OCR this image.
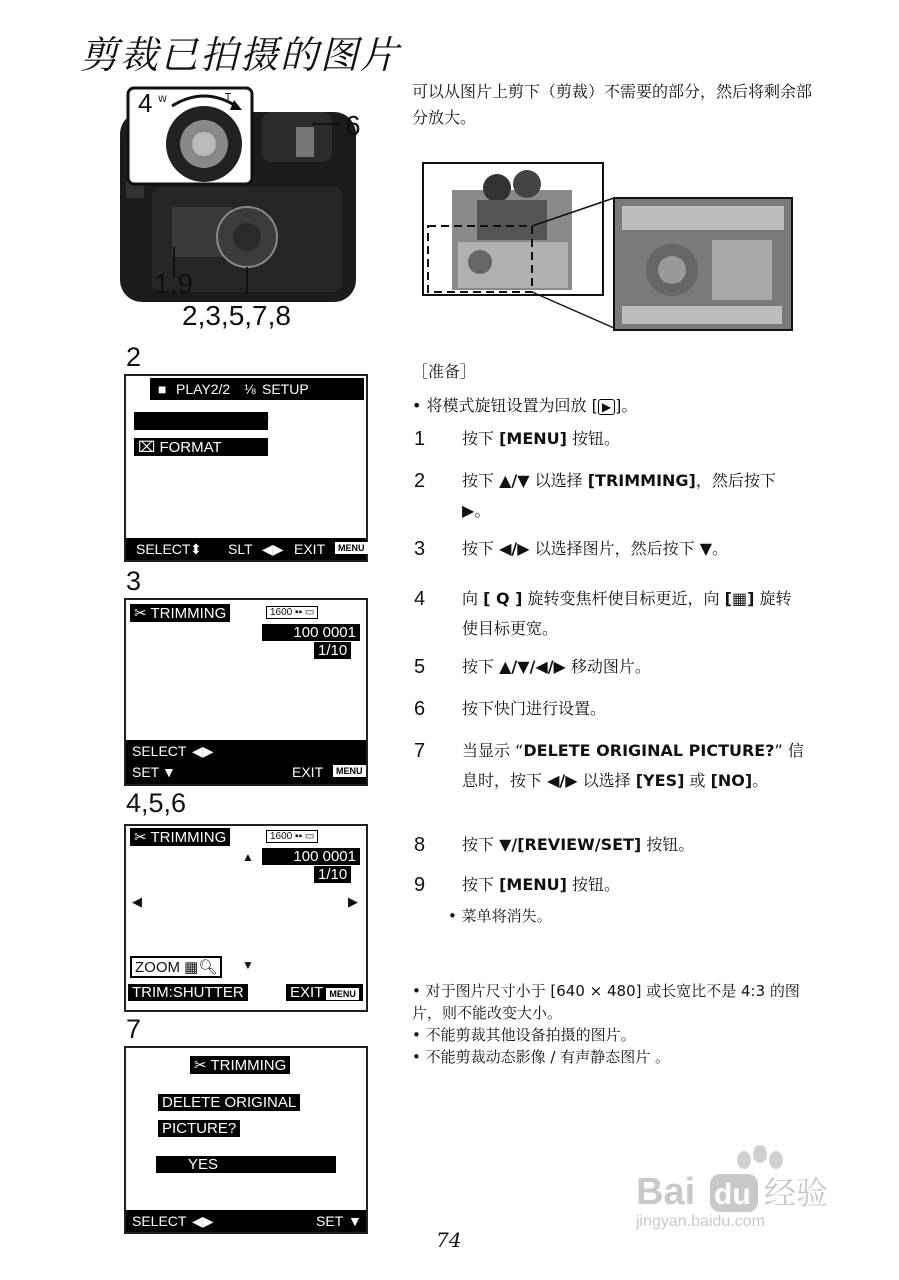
剪裁已拍摄的图片
4 W	T
6
1,9
2,3,5,7,8
2
■ PLAY2/2 ⅛ SETUP
▸
⌧ FORMAT
SELECT ⬍ SLT ◀▶ EXIT	MENU
3
✂ TRIMMING	1600 ▪▪ ▭
100 0001
1/10
SELECT ◀▶
SET ▼	EXIT	MENU
4,5,6
✂ TRIMMING	1600 ▪▪ ▭
▲	100 0001
1/10
◀	▶
ZOOM ▦🔍︎	▼
TRIM:SHUTTER	EXIT MENU
7
✂ TRIMMING
DELETE ORIGINAL
PICTURE?
YES
SELECT ◀▶	SET ▼
可以从图片上剪下（剪裁）不需要的部分，然后将剩余部分放大。
［准备］
• 将模式旋钮设置为回放 [ ▶ ]。
1 按下 [MENU] 按钮。
2 按下 ▲/▼ 以选择 [TRIMMING]，然后按下 ▶。
3 按下 ◀/▶ 以选择图片，然后按下 ▼。
4 向 [ Q ] 旋转变焦杆使目标更近，向 [▦] 旋转使目标更宽。
5 按下 ▲/▼/◀/▶ 移动图片。
6 按下快门进行设置。
7 当显示 “DELETE ORIGINAL PICTURE?” 信息时，按下 ◀/▶ 以选择 [YES] 或 [NO]。
8 按下 ▼/[REVIEW/SET] 按钮。
9 按下 [MENU] 按钮。
• 菜单将消失。
• 对于图片尺寸小于 [640 × 480] 或长宽比不是 4:3 的图片，则不能改变大小。
• 不能剪裁其他设备拍摄的图片。
• 不能剪裁动态影像 / 有声静态图片 。
74
Bai du 经验
jingyan.baidu.com
